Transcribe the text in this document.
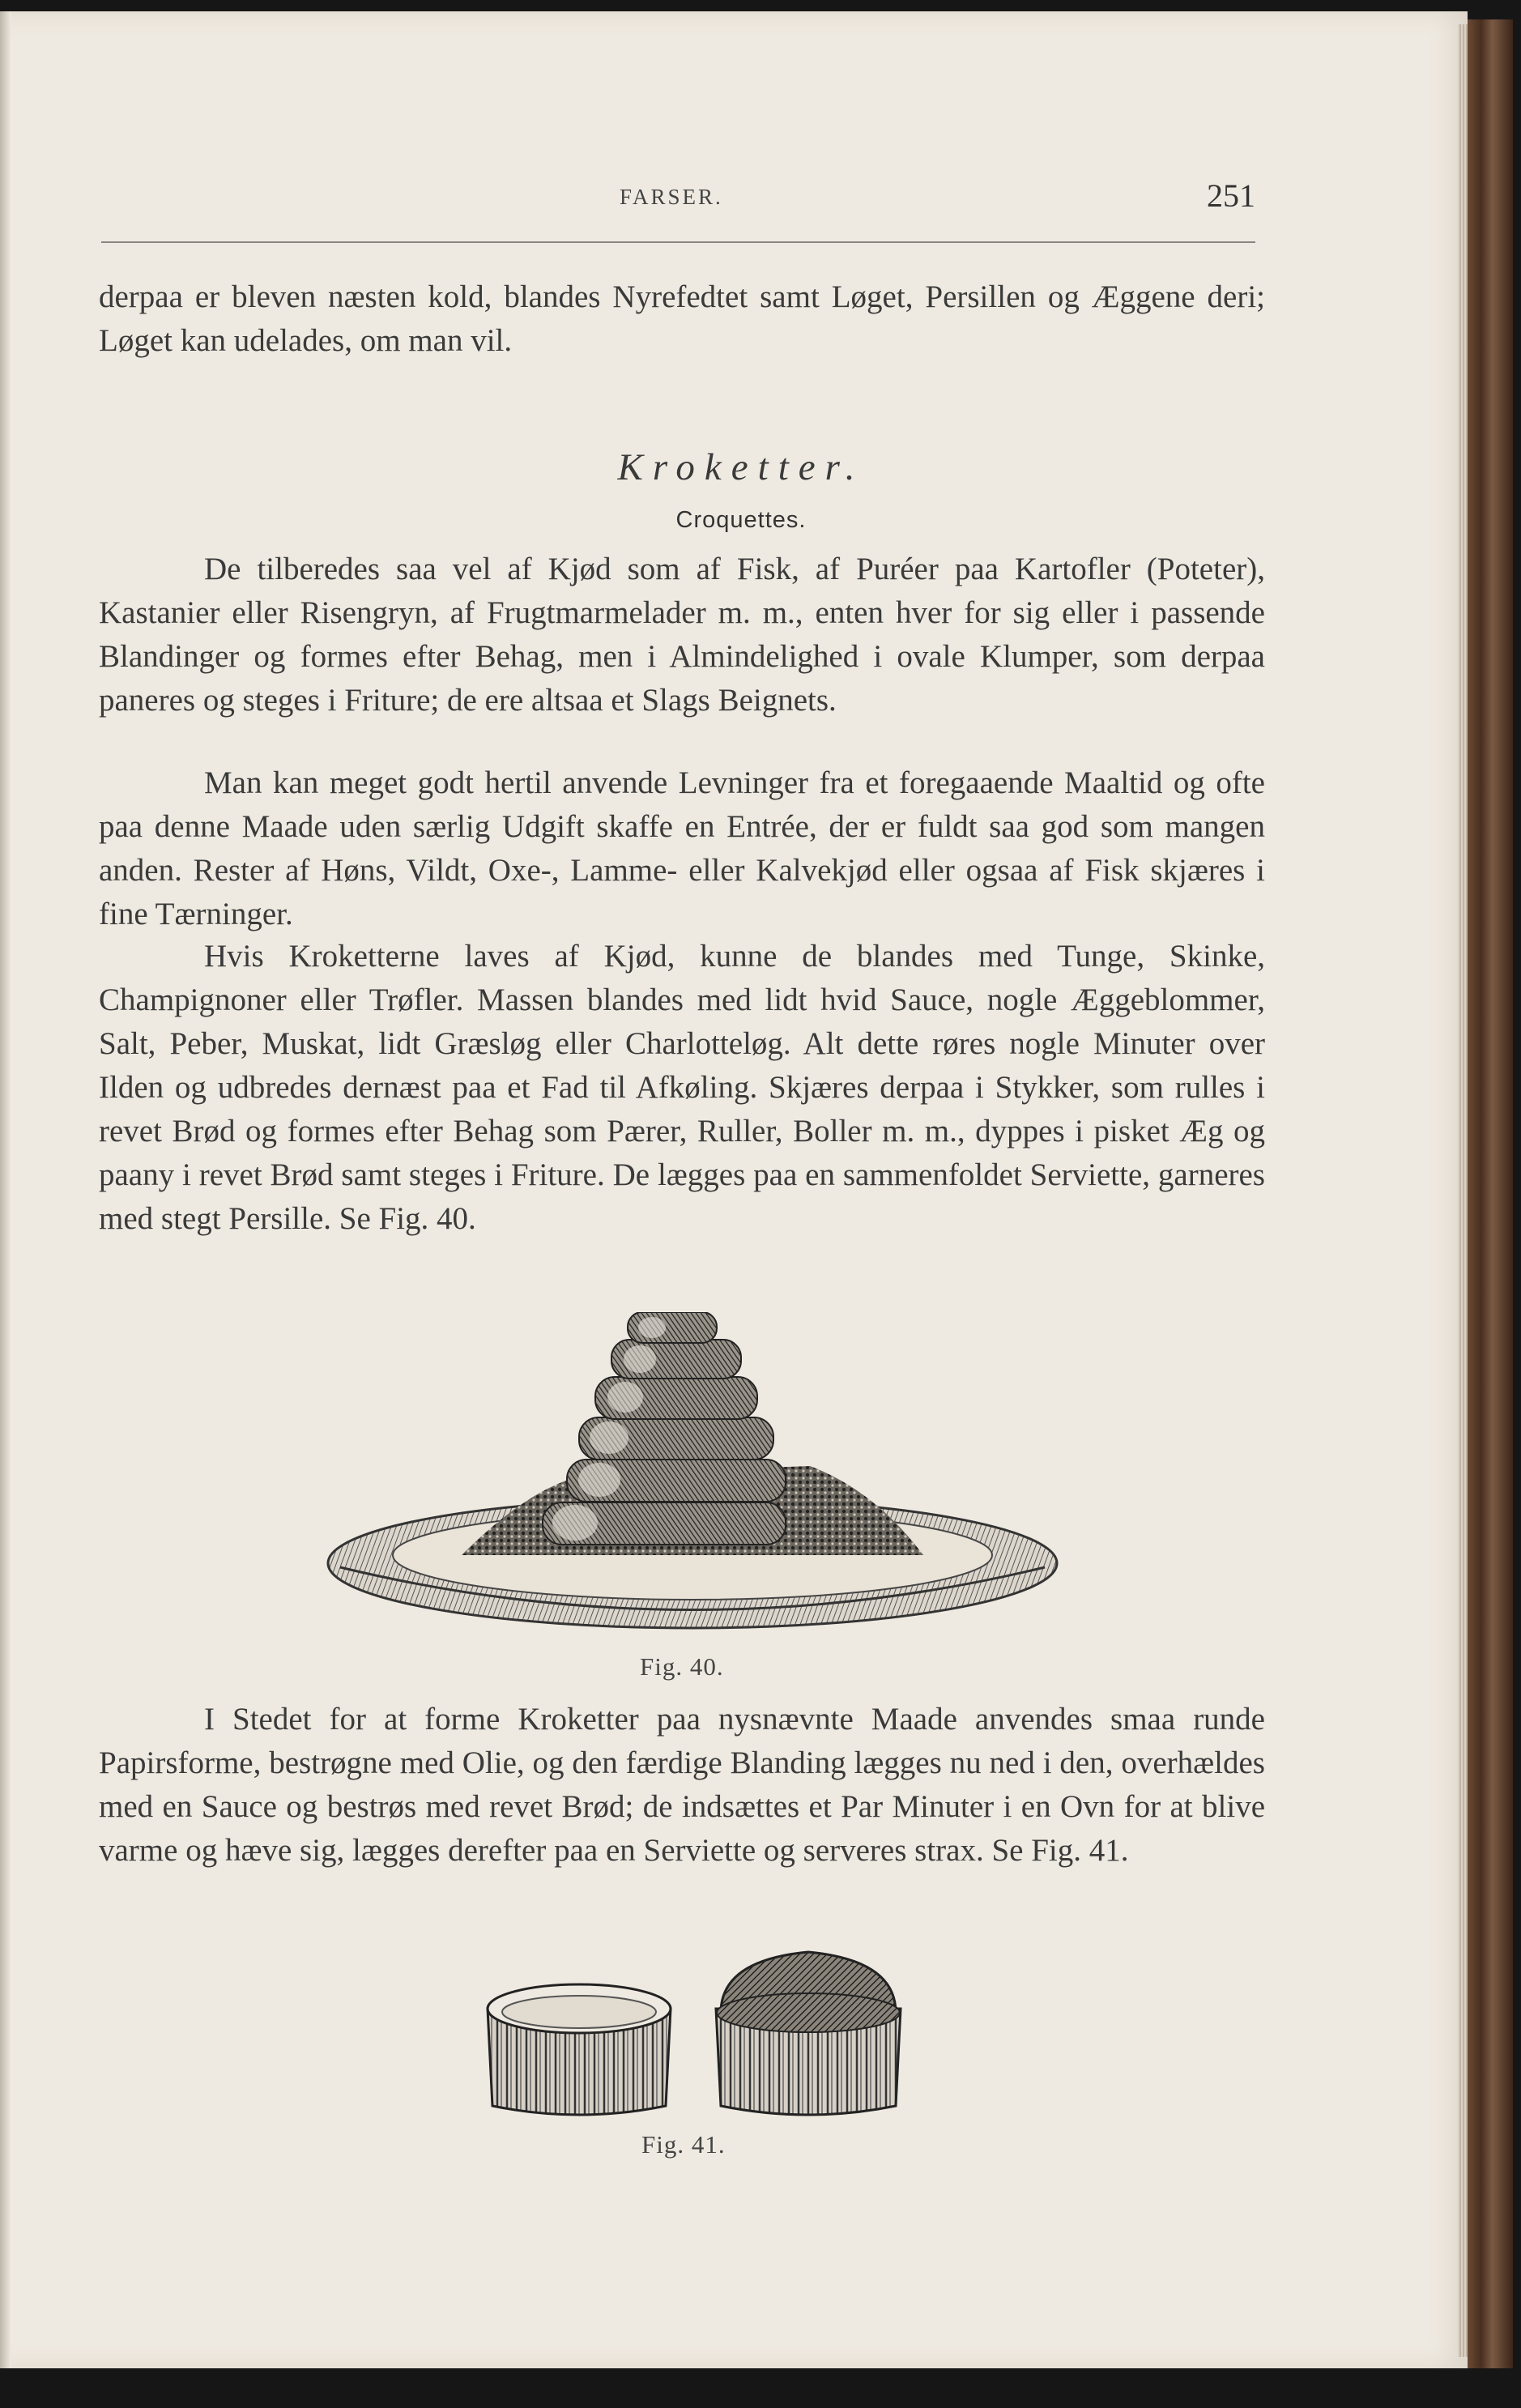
FARSER.	251

derpaa er bleven næsten kold, blandes Nyrefedtet samt Løget, Persillen og Æggene deri; Løget kan udelades, om man vil.

Kroketter.
Croquettes.

De tilberedes saa vel af Kjød som af Fisk, af Puréer paa Kartofler (Poteter), Kastanier eller Risengryn, af Frugtmarmelader m. m., enten hver for sig eller i passende Blandinger og formes efter Behag, men i Almindelighed i ovale Klumper, som derpaa paneres og steges i Friture; de ere altsaa et Slags Beignets.

Man kan meget godt hertil anvende Levninger fra et foregaaende Maaltid og ofte paa denne Maade uden særlig Udgift skaffe en Entrée, der er fuldt saa god som mangen anden. Rester af Høns, Vildt, Oxe-, Lamme- eller Kalvekjød eller ogsaa af Fisk skjæres i fine Tærninger.

Hvis Kroketterne laves af Kjød, kunne de blandes med Tunge, Skinke, Champignoner eller Trøfler. Massen blandes med lidt hvid Sauce, nogle Æggeblommer, Salt, Peber, Muskat, lidt Græsløg eller Charlotteløg. Alt dette røres nogle Minuter over Ilden og udbredes dernæst paa et Fad til Afkøling. Skjæres derpaa i Stykker, som rulles i revet Brød og formes efter Behag som Pærer, Ruller, Boller m. m., dyppes i pisket Æg og paany i revet Brød samt steges i Friture. De lægges paa en sammenfoldet Serviette, garneres med stegt Persille. Se Fig. 40.

Fig. 40.

I Stedet for at forme Kroketter paa nysnævnte Maade anvendes smaa runde Papirsforme, bestrøgne med Olie, og den færdige Blanding lægges nu ned i den, overhældes med en Sauce og bestrøs med revet Brød; de indsættes et Par Minuter i en Ovn for at blive varme og hæve sig, lægges derefter paa en Serviette og serveres strax. Se Fig. 41.

Fig. 41.
